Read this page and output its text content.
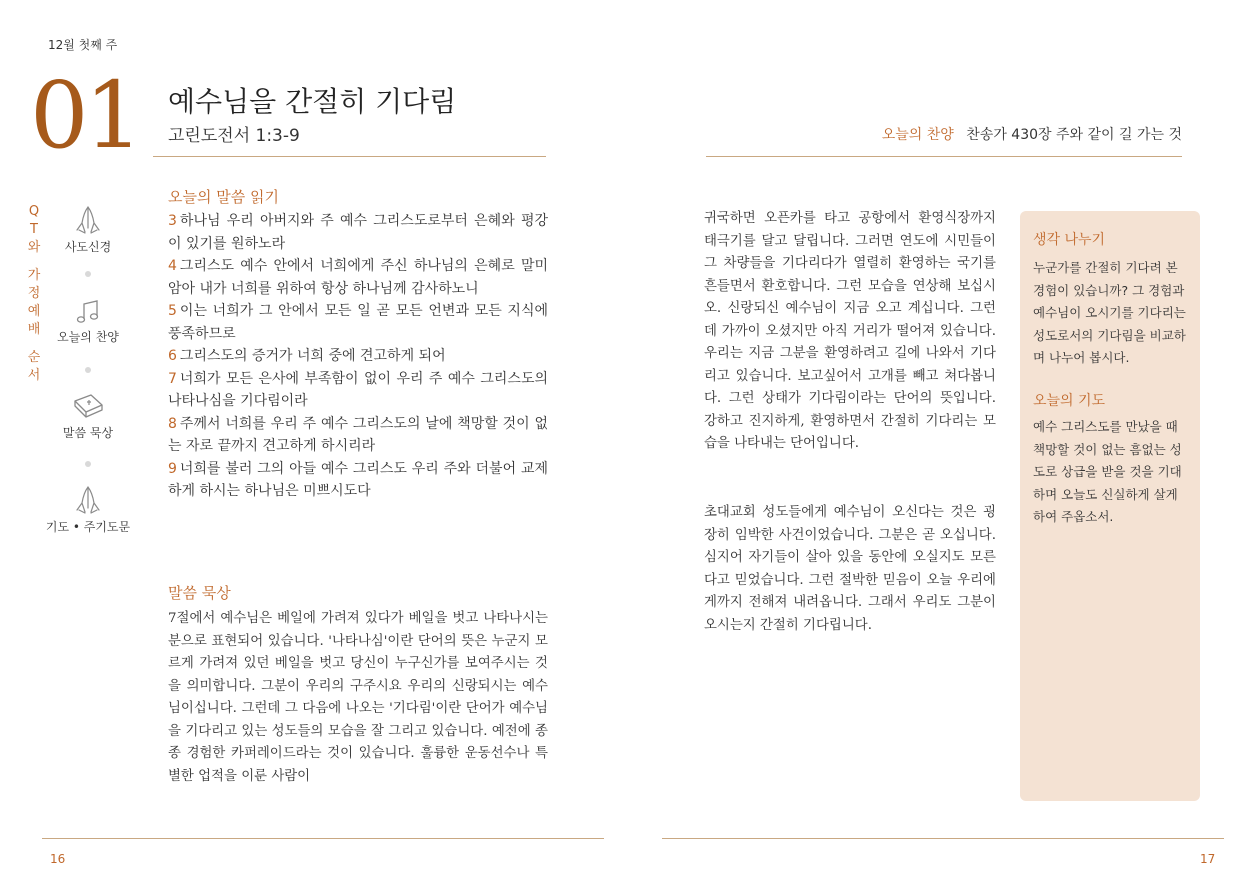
12월 첫째 주
01 예수님을 간절히 기다림
고린도전서 1:3-9	오늘의 찬양 찬송가 430장 주와 같이 길 가는 것
QT와
가정예배
순서
사도신경
오늘의 찬양
말씀 묵상
기도 • 주기도문
오늘의 말씀 읽기
3 하나님 우리 아버지와 주 예수 그리스도로부터 은혜와 평강이 있기를 원하노라
4 그리스도 예수 안에서 너희에게 주신 하나님의 은혜로 말미암아 내가 너희를 위하여 항상 하나님께 감사하노니
5 이는 너희가 그 안에서 모든 일 곧 모든 언변과 모든 지식에 풍족하므로
6 그리스도의 증거가 너희 중에 견고하게 되어
7 너희가 모든 은사에 부족함이 없이 우리 주 예수 그리스도의 나타나심을 기다림이라
8 주께서 너희를 우리 주 예수 그리스도의 날에 책망할 것이 없는 자로 끝까지 견고하게 하시리라
9 너희를 불러 그의 아들 예수 그리스도 우리 주와 더불어 교제하게 하시는 하나님은 미쁘시도다
말씀 묵상
7절에서 예수님은 베일에 가려져 있다가 베일을 벗고 나타나시는 분으로 표현되어 있습니다. '나타나심'이란 단어의 뜻은 누군지 모르게 가려져 있던 베일을 벗고 당신이 누구신가를 보여주시는 것을 의미합니다. 그분이 우리의 구주시요 우리의 신랑되시는 예수님이십니다. 그런데 그 다음에 나오는 '기다림'이란 단어가 예수님을 기다리고 있는 성도들의 모습을 잘 그리고 있습니다. 예전에 종종 경험한 카퍼레이드라는 것이 있습니다. 훌륭한 운동선수나 특별한 업적을 이룬 사람이
귀국하면 오픈카를 타고 공항에서 환영식장까지 태극기를 달고 달립니다. 그러면 연도에 시민들이 그 차량들을 기다리다가 열렬히 환영하는 국기를 흔들면서 환호합니다. 그런 모습을 연상해 보십시오. 신랑되신 예수님이 지금 오고 계십니다. 그런데 가까이 오셨지만 아직 거리가 떨어져 있습니다. 우리는 지금 그분을 환영하려고 길에 나와서 기다리고 있습니다. 보고싶어서 고개를 빼고 쳐다봅니다. 그런 상태가 기다림이라는 단어의 뜻입니다. 강하고 진지하게, 환영하면서 간절히 기다리는 모습을 나타내는 단어입니다.
초대교회 성도들에게 예수님이 오신다는 것은 굉장히 임박한 사건이었습니다. 그분은 곧 오십니다. 심지어 자기들이 살아 있을 동안에 오실지도 모른다고 믿었습니다. 그런 절박한 믿음이 오늘 우리에게까지 전해져 내려옵니다. 그래서 우리도 그분이 오시는지 간절히 기다립니다.
생각 나누기
누군가를 간절히 기다려 본 경험이 있습니까? 그 경험과 예수님이 오시기를 기다리는 성도로서의 기다림을 비교하며 나누어 봅시다.
오늘의 기도
예수 그리스도를 만났을 때 책망할 것이 없는 흠없는 성도로 상급을 받을 것을 기대하며 오늘도 신실하게 살게 하여 주옵소서.
16	17
